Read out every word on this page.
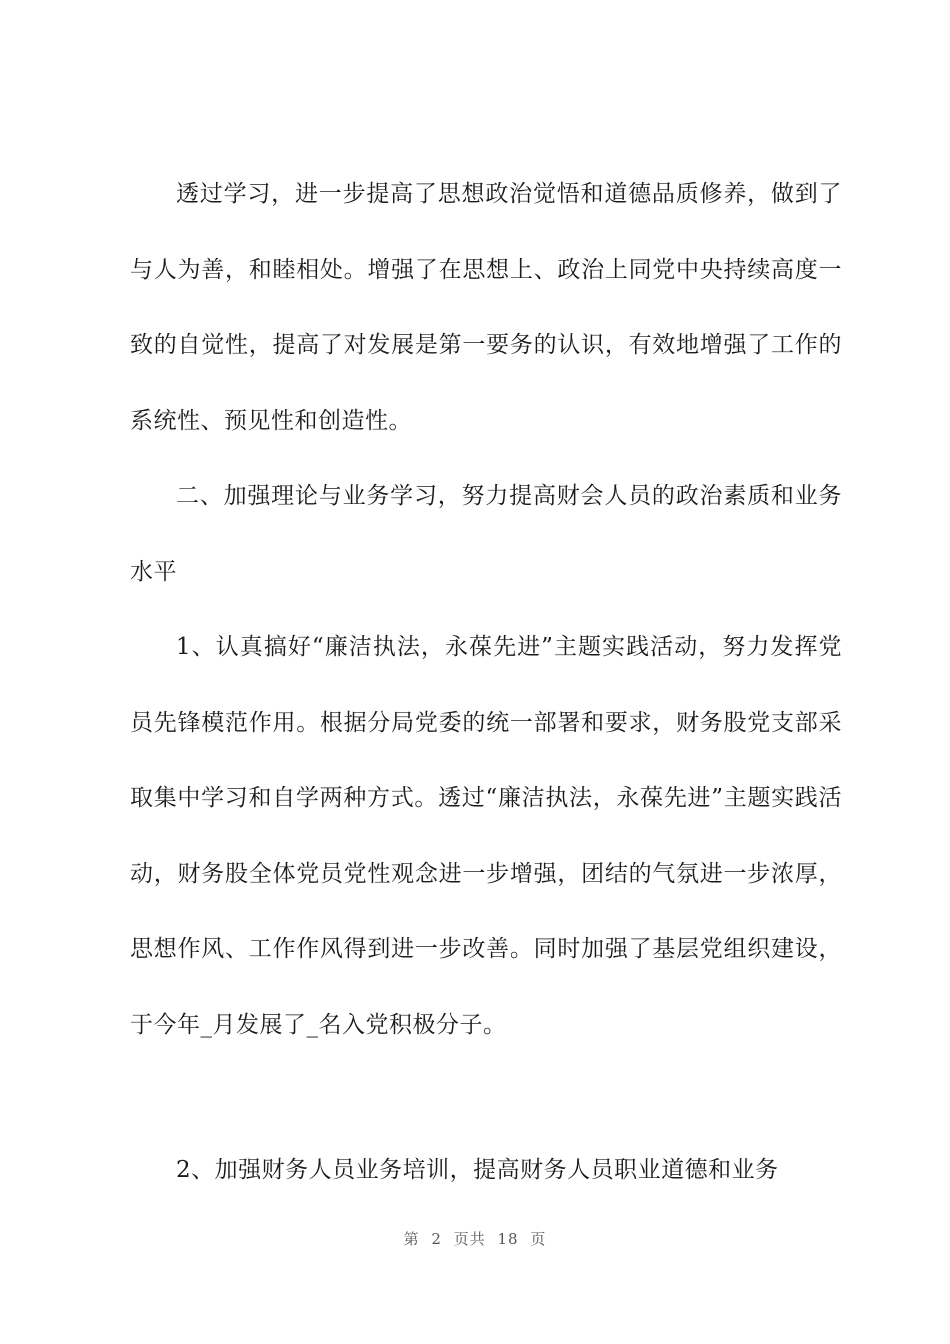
透过学习，进一步提高了思想政治觉悟和道德品质修养，做到了与人为善，和睦相处。增强了在思想上、政治上同党中央持续高度一致的自觉性，提高了对发展是第一要务的认识，有效地增强了工作的系统性、预见性和创造性。

二、加强理论与业务学习，努力提高财会人员的政治素质和业务水平

1、认真搞好“廉洁执法，永葆先进”主题实践活动，努力发挥党员先锋模范作用。根据分局党委的统一部署和要求，财务股党支部采取集中学习和自学两种方式。透过“廉洁执法，永葆先进”主题实践活动，财务股全体党员党性观念进一步增强，团结的气氛进一步浓厚，思想作风、工作作风得到进一步改善。同时加强了基层党组织建设，于今年_月发展了_名入党积极分子。

2、加强财务人员业务培训，提高财务人员职业道德和业务

第 2 页共 18 页
